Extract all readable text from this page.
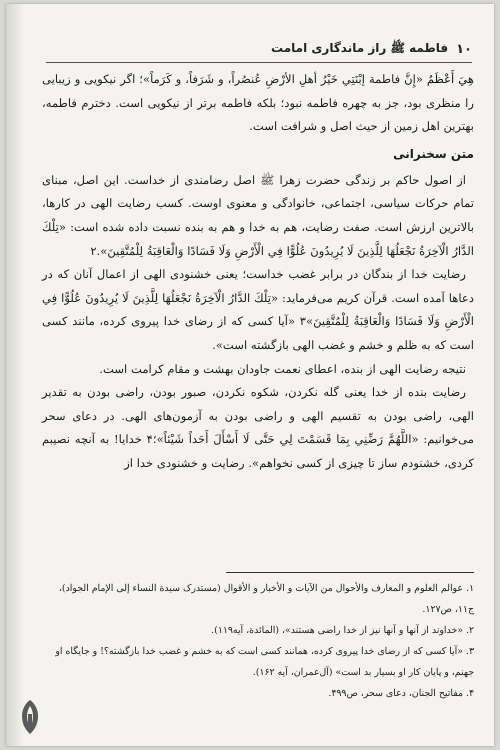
۱۰
فاطمه ﷺ راز ماندگاری امامت

هِيَ أَعْظَمُ «إِنَّ فاطمة إبْنَتِي خَيْرُ أهلِ الأرْضِ عُنصُراً، و شَرَفاً، و كَرَماً»؛ اگر نیکویی و زیبایی را منظری بود، جز به چهره فاطمه نبود؛ بلکه فاطمه برتر از نیکویی است. دخترم فاطمه، بهترین اهل زمین از حیث اصل و شرافت است.

متن سخنرانی

از اصول حاکم بر زندگی حضرت زهرا ﷺ اصل رضامندی از خداست. این اصل، مبنای تمام حرکات سیاسی، اجتماعی، خانوادگی و معنوی اوست. کسب رضایت الهی در کارها، بالاترین ارزش است. صفت رضایت، هم به خدا و هم به بنده نسبت داده شده است: «تِلْكَ الدَّارُ الْآخِرَةُ نَجْعَلُهَا لِلَّذِينَ لَا يُرِيدُونَ عُلُوًّا فِي الْأَرْضِ وَلَا فَسَادًا وَالْعَاقِبَةُ لِلْمُتَّقِينَ».۲

رضایت خدا از بندگان در برابر غضب خداست؛ یعنی خشنودی الهی از اعمال آنان که در دعاها آمده است. قرآن کریم می‌فرماید: «تِلْكَ الدَّارُ الْآخِرَةُ نَجْعَلُهَا لِلَّذِينَ لَا يُرِيدُونَ عُلُوًّا فِي الْأَرْضِ وَلَا فَسَادًا وَالْعَاقِبَةُ لِلْمُتَّقِينَ»۳ «آیا کسی که از رضای خدا پیروی کرده، مانند کسی است که به ظلم و خشم و غضب الهی بازگشته است».

نتیجه رضایت الهی از بنده، اعطای نعمت جاودان بهشت و مقام کرامت است.

رضایت بنده از خدا یعنی گله نکردن، شکوه نکردن، صبور بودن، راضی بودن به تقدیر الهی، راضی بودن به تقسیم الهی و راضی بودن به آزمون‌های الهی. در دعای سحر می‌خوانیم: «اللَّهُمَّ رَضِّنِي بِمَا قَسَمْتَ لِي حَتَّى لَا أَسْأَلَ أَحَداً شَيْئاً»؛۴ خدایا! به آنچه نصیبم کردی، خشنودم ساز تا چیزی از کسی نخواهم». رضایت و خشنودی خدا از

۱. عوالم العلوم و المعارف والأحوال من الآیات و الأخبار و الأقوال (مستدرک سیدة النساء إلی الإمام الجواد)، ج۱۱، ص۱۲۷.
۲. «خداوند از آنها و آنها نیز از خدا راضی هستند»، (المائدة، آیه۱۱۹).
۳. «آیا کسی که از رضای خدا پیروی کرده، همانند کسی است که به خشم و غضب خدا بازگشته؟! و جایگاه او جهنم، و پایان کار او بسیار بد است» (آل‌عمران، آیه ۱۶۲).
۴. مفاتیح الجنان، دعای سحر، ص۴۹۹.
